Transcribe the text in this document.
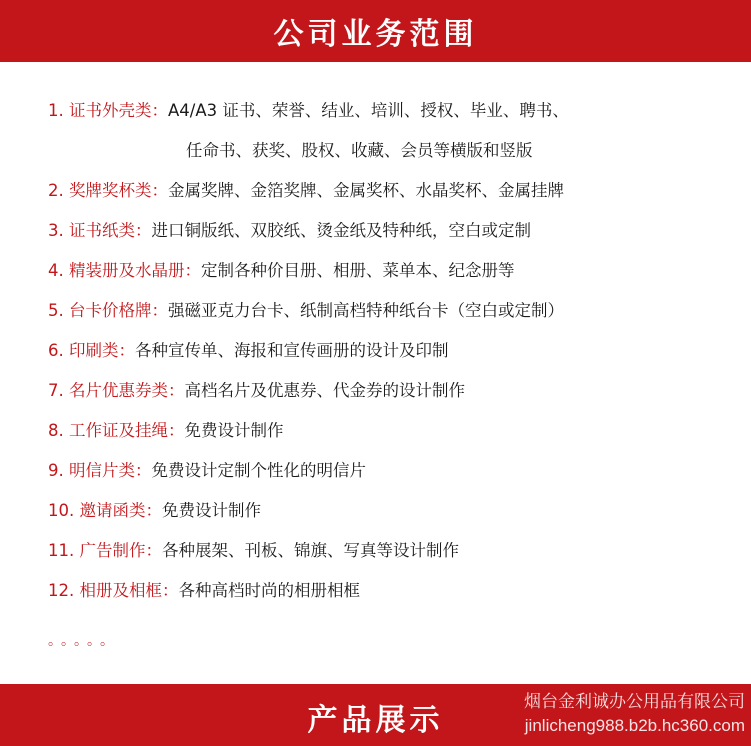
公司业务范围
1. 证书外壳类：A4/A3 证书、荣誉、结业、培训、授权、毕业、聘书、
任命书、获奖、股权、收藏、会员等横版和竖版
2. 奖牌奖杯类：金属奖牌、金箔奖牌、金属奖杯、水晶奖杯、金属挂牌
3. 证书纸类：进口铜版纸、双胶纸、烫金纸及特种纸，空白或定制
4. 精装册及水晶册：定制各种价目册、相册、菜单本、纪念册等
5. 台卡价格牌：强磁亚克力台卡、纸制高档特种纸台卡（空白或定制）
6. 印刷类：各种宣传单、海报和宣传画册的设计及印制
7. 名片优惠券类：高档名片及优惠券、代金券的设计制作
8. 工作证及挂绳：免费设计制作
9. 明信片类：免费设计定制个性化的明信片
10. 邀请函类：免费设计制作
11. 广告制作：各种展架、刊板、锦旗、写真等设计制作
12. 相册及相框：各种高档时尚的相册相框
。。。。。
产品展示
烟台金利诚办公用品有限公司
jinlicheng988.b2b.hc360.com
